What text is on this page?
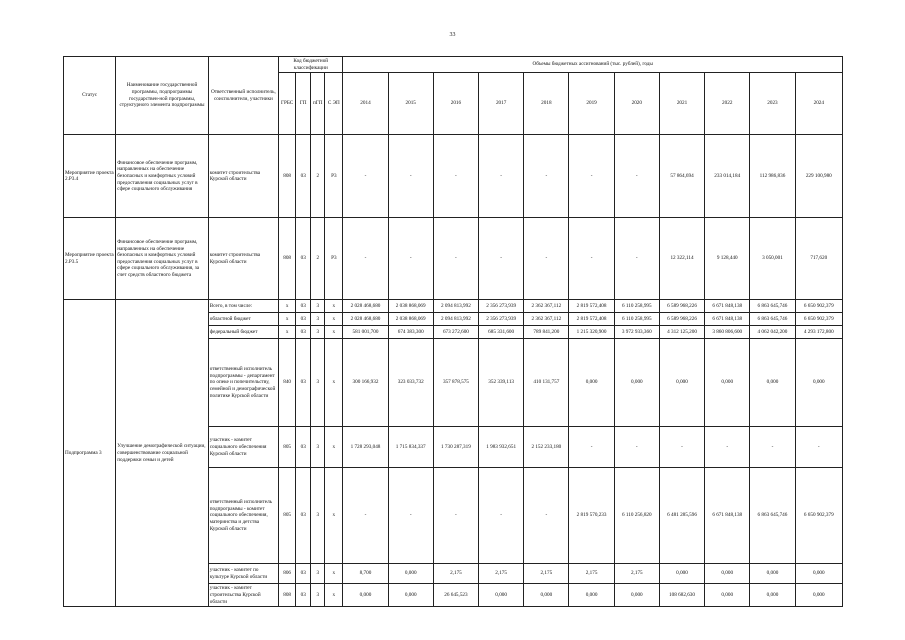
33
Статус	Наименование государственной программы, подпрограммы государствен-ной программы, структурного элемента подпрограммы	Ответственный исполнитель, соисполнители, участники	Код бюджетной классификации				Объемы бюджетных ассигнований (тыс. рублей), годы										
			ГРБС	ГП	пГП	С ЭП	2014	2015	2016	2017	2018	2019	2020	2021	2022	2023	2024
Мероприятие проекта 2.Р3.4	Финансовое обеспечение программ, направленных на обеспечение безопасных и комфортных условий предоставления социальных услуг в сфере социального обслуживания	комитет строительства Курской области	808	03	2	Р3	-	-	-	-	-	-	-	57 864,694	233 014,184	112 986,836	229 100,980
Мероприятие проекта 2.Р3.5	Финансовое обеспечение программ, направленных на обеспечение безопасных и комфортных условий предоставления социальных услуг в сфере социального обслуживания, за счет средств областного бюджета	комитет строительства Курской области	808	03	2	Р3	-	-	-	-	-	-	-	12 322,114	9 128,440	3 050,001	717,620
Подпрограмма 3	Улучшение демографической ситуации, совершенствование социальной поддержки семьи и детей	Всего, в том числе:	х	03	3	х	2 028 468,680	2 038 868,069	2 094 813,992	2 356 273,939	2 362 367,112	2 819 572,408	6 110 258,995	6 589 968,226	6 671 848,138	6 863 645,746	6 650 902,379
		областной бюджет	х	03	3	х	2 028 468,680	2 038 868,069	2 094 813,992	2 356 273,939	2 362 367,112	2 819 572,408	6 110 258,995	6 589 968,226	6 671 848,138	6 863 645,746	6 650 902,379
		федеральный бюджет	х	03	3	х	581 001,700	674 383,300	673 272,600	685 331,600	789 841,200	1 215 320,900	3 972 933,360	4 312 125,200	3 860 806,600	4 062 042,200	4 293 172,800
		ответственный исполнитель подпрограммы - департамент по опеке и попечительству, семейной и демографической политике Курской области	840	03	3	х	300 166,932	323 033,732	357 878,575	352 339,113	410 131,757	0,000	0,000	0,000	0,000	0,000	0,000
		участник - комитет социального обеспечения Курской области	805	03	3	х	1 728 293,048	1 715 834,337	1 730 287,319	1 983 932,651	2 152 233,180	-	-	-	-	-	-
		ответственный исполнитель подпрограммы - комитет социального обеспечения, материнства и детства Курской области	805	03	3	х	-	-	-	-	-	2 819 570,233	6 110 256,820	6 481 285,596	6 671 848,138	6 863 645,746	6 650 902,379
		участник - комитет по культуре Курской области	806	03	3	х	8,700	0,000	2,175	2,175	2,175	2,175	2,175	0,000	0,000	0,000	0,000
		участник - комитет строительства Курской области	808	03	3	х	0,000	0,000	26 645,523	0,000	0,000	0,000	0,000	108 682,630	0,000	0,000	0,000
